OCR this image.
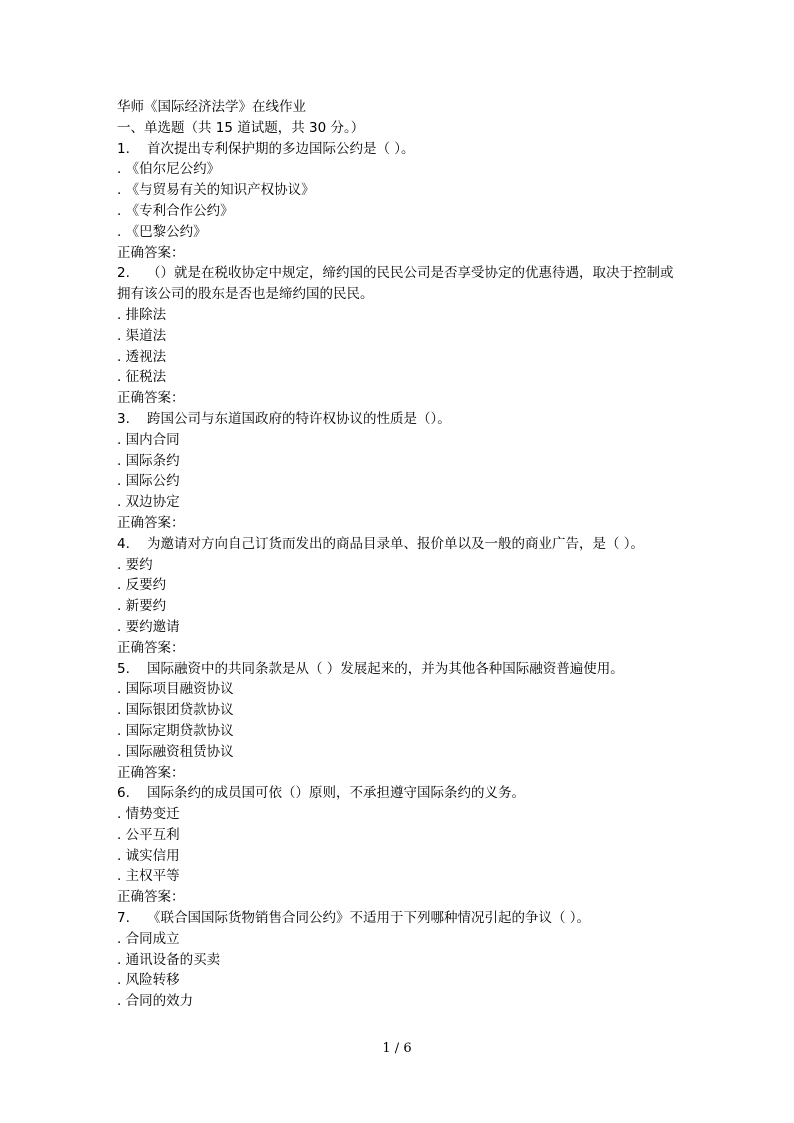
华师《国际经济法学》在线作业
一、单选题（共 15 道试题，共 30 分。）
1. 首次提出专利保护期的多边国际公约是（ ）。
. 《伯尔尼公约》
. 《与贸易有关的知识产权协议》
. 《专利合作公约》
. 《巴黎公约》
正确答案：
2. （）就是在税收协定中规定，缔约国的民民公司是否享受协定的优惠待遇，取决于控制或拥有该公司的股东是否也是缔约国的民民。
. 排除法
. 渠道法
. 透视法
. 征税法
正确答案：
3. 跨国公司与东道国政府的特许权协议的性质是（）。
. 国内合同
. 国际条约
. 国际公约
. 双边协定
正确答案：
4. 为邀请对方向自己订货而发出的商品目录单、报价单以及一般的商业广告，是（ ）。
. 要约
. 反要约
. 新要约
. 要约邀请
正确答案：
5. 国际融资中的共同条款是从（ ）发展起来的，并为其他各种国际融资普遍使用。
. 国际项目融资协议
. 国际银团贷款协议
. 国际定期贷款协议
. 国际融资租赁协议
正确答案：
6. 国际条约的成员国可依（）原则，不承担遵守国际条约的义务。
. 情势变迁
. 公平互利
. 诚实信用
. 主权平等
正确答案：
7. 《联合国国际货物销售合同公约》不适用于下列哪种情况引起的争议（ ）。
. 合同成立
. 通讯设备的买卖
. 风险转移
. 合同的效力
1 / 6
